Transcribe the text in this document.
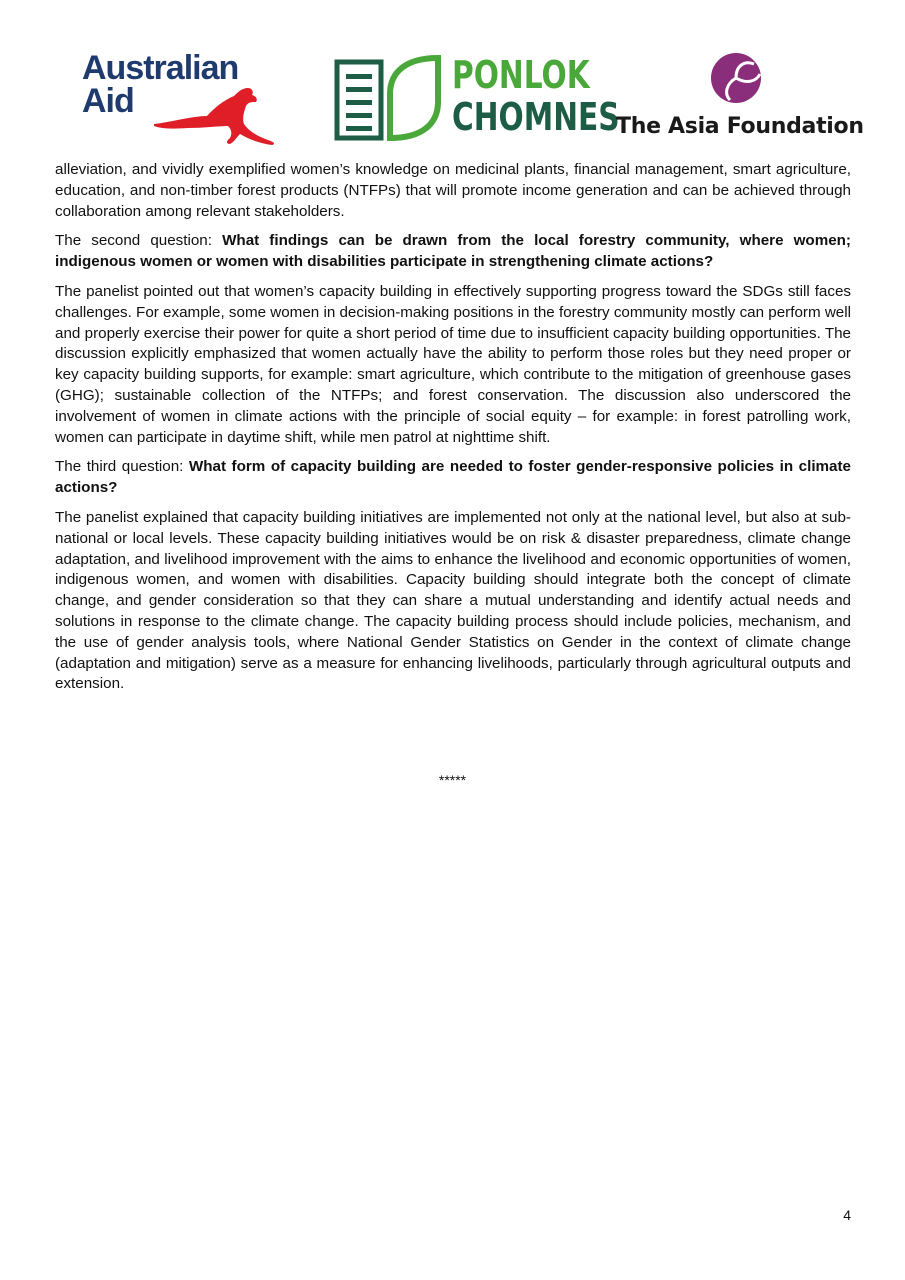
Australian
Aid
PONLOK
CHOMNES
The Asia Foundation

alleviation, and vividly exemplified women’s knowledge on medicinal plants, financial management, smart agriculture, education, and non-timber forest products (NTFPs) that will promote income generation and can be achieved through collaboration among relevant stakeholders.

The second question: What findings can be drawn from the local forestry community, where women; indigenous women or women with disabilities participate in strengthening climate actions?

The panelist pointed out that women’s capacity building in effectively supporting progress toward the SDGs still faces challenges. For example, some women in decision-making positions in the forestry community mostly can perform well and properly exercise their power for quite a short period of time due to insufficient capacity building opportunities. The discussion explicitly emphasized that women actually have the ability to perform those roles but they need proper or key capacity building supports, for example: smart agriculture, which contribute to the mitigation of greenhouse gases (GHG); sustainable collection of the NTFPs; and forest conservation. The discussion also underscored the involvement of women in climate actions with the principle of social equity – for example: in forest patrolling work, women can participate in daytime shift, while men patrol at nighttime shift.

The third question: What form of capacity building are needed to foster gender-responsive policies in climate actions?

The panelist explained that capacity building initiatives are implemented not only at the national level, but also at sub-national or local levels. These capacity building initiatives would be on risk & disaster preparedness, climate change adaptation, and livelihood improvement with the aims to enhance the livelihood and economic opportunities of women, indigenous women, and women with disabilities. Capacity building should integrate both the concept of climate change, and gender consideration so that they can share a mutual understanding and identify actual needs and solutions in response to the climate change. The capacity building process should include policies, mechanism, and the use of gender analysis tools, where National Gender Statistics on Gender in the context of climate change (adaptation and mitigation) serve as a measure for enhancing livelihoods, particularly through agricultural outputs and extension.

*****
4
